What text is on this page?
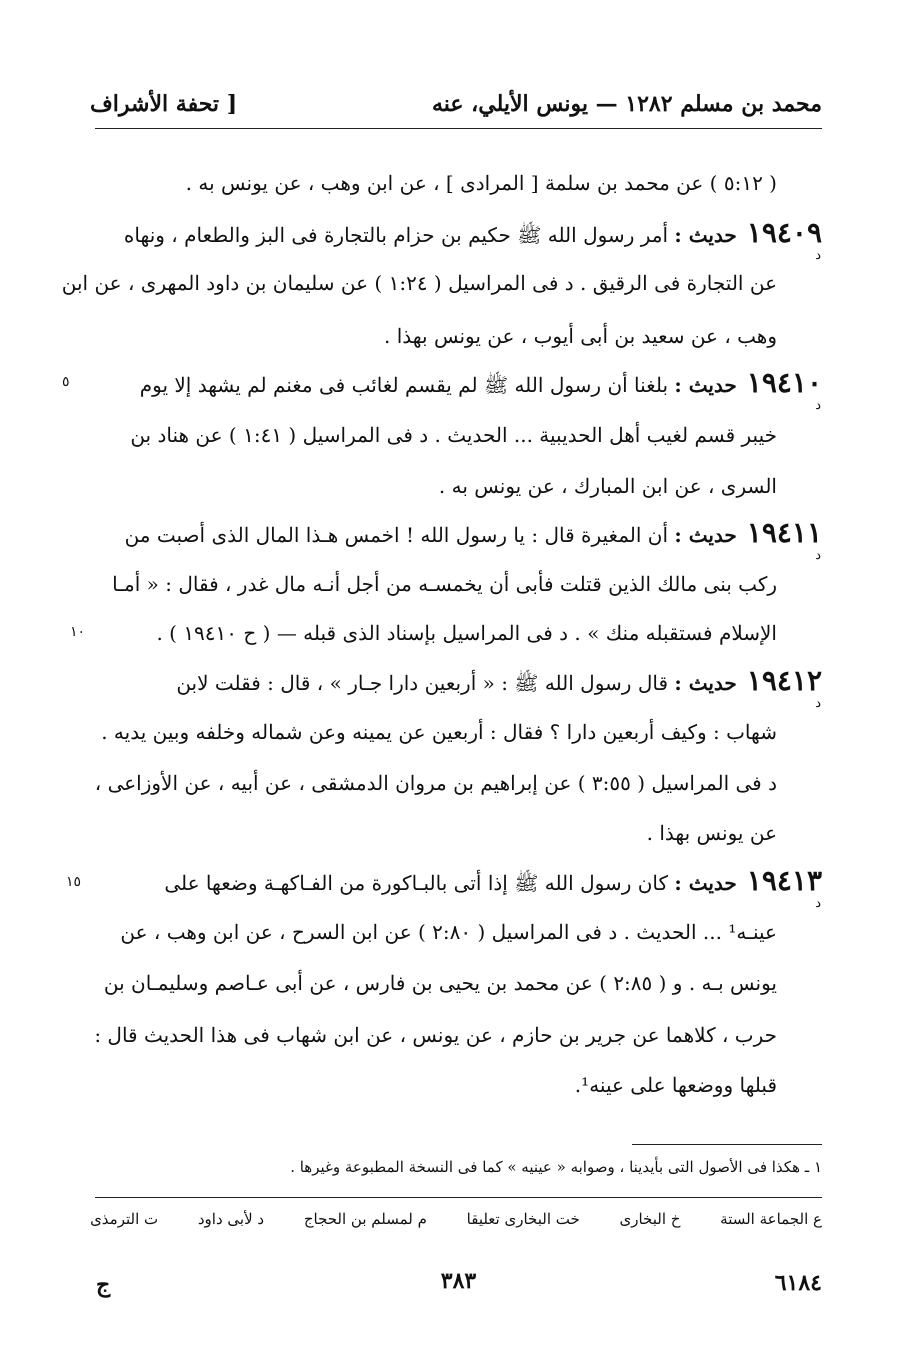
محمد بن مسلم ١٢٨٢ — يونس الأيلي، عنه
[ تحفة الأشراف
( ٥:١٢ ) عن محمد بن سلمة [ المرادى ] ، عن ابن وهب ، عن يونس به .
١٩٤٠٩حديث : أمر رسول الله ﷺ حكيم بن حزام بالتجارة فى البز والطعام ، ونهاه
د
عن التجارة فى الرقيق . د فى المراسيل ( ١:٢٤ ) عن سليمان بن داود المهرى ، عن ابن
وهب ، عن سعيد بن أبى أيوب ، عن يونس بهذا .
١٩٤١٠حديث : بلغنا أن رسول الله ﷺ لم يقسم لغائب فى مغنم لم يشهد إلا يوم
د
٥
خيبر قسم لغيب أهل الحديبية ... الحديث . د فى المراسيل ( ١:٤١ ) عن هناد بن
السرى ، عن ابن المبارك ، عن يونس به .
١٩٤١١حديث : أن المغيرة قال : يا رسول الله ! اخمس هـذا المال الذى أصبت من
د
ركب بنى مالك الذين قتلت فأبى أن يخمسـه من أجل أنـه مال غدر ، فقال : « أمـا
الإسلام فستقبله منك » . د فى المراسيل بإسناد الذى قبله — ( ح ١٩٤١٠ ) .
١٠
١٩٤١٢حديث : قال رسول الله ﷺ : « أربعين دارا جـار » ، قال : فقلت لابن
د
شهاب : وكيف أربعين دارا ؟ فقال : أربعين عن يمينه وعن شماله وخلفه وبين يديه .
د فى المراسيل ( ٣:٥٥ ) عن إبراهيم بن مروان الدمشقى ، عن أبيه ، عن الأوزاعى ،
عن يونس بهذا .
١٩٤١٣حديث : كان رسول الله ﷺ إذا أتى بالبـاكورة من الفـاكهـة وضعها على
د
١٥
عينـه¹ ... الحديث . د فى المراسيل ( ٢:٨٠ ) عن ابن السرح ، عن ابن وهب ، عن
يونس بـه . و ( ٢:٨٥ ) عن محمد بن يحيى بن فارس ، عن أبى عـاصم وسليمـان بن
حرب ، كلاهما عن جرير بن حازم ، عن يونس ، عن ابن شهاب فى هذا الحديث قال :
قبلها ووضعها على عينه¹.
١ ـ هكذا فى الأصول التى بأيدينا ، وصوابه « عينيه » كما فى النسخة المطبوعة وغيرها .
ع الجماعة الستة
خ البخارى
خت البخارى تعليقا
م لمسلم بن الحجاج
د لأبى داود
ت الترمذى
٦١٨٤
٣٨٣
ج
